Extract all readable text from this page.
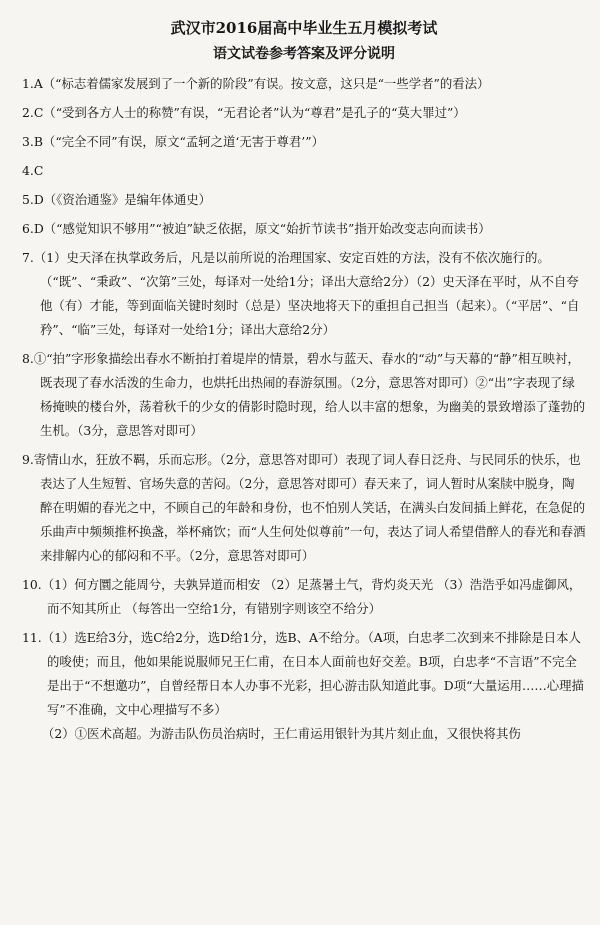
武汉市2016届高中毕业生五月模拟考试
语文试卷参考答案及评分说明

1.A（“标志着儒家发展到了一个新的阶段”有误。按文意，这只是“一些学者”的看法）

2.C（“受到各方人士的称赞”有误，“无君论者”认为“尊君”是孔子的“莫大罪过”）

3.B（“完全不同”有误，原文“孟轲之道‘无害于尊君’”）

4.C

5.D（《资治通鉴》是编年体通史）

6.D（“感觉知识不够用”“被迫”缺乏依据，原文“始折节读书”指开始改变志向而读书）

7.（1）史天泽在执掌政务后，凡是以前所说的治理国家、安定百姓的方法，没有不依次施行的。（“既”、“秉政”、“次第”三处，每译对一处给1分；译出大意给2分）（2）史天泽在平时，从不自夸他（有）才能，等到面临关键时刻时（总是）坚决地将天下的重担自己担当（起来）。（“平居”、“自矜”、“临”三处，每译对一处给1分；译出大意给2分）

8.①“拍”字形象描绘出春水不断拍打着堤岸的情景，碧水与蓝天、春水的“动”与天幕的“静”相互映衬，既表现了春水活泼的生命力，也烘托出热闹的春游氛围。（2分，意思答对即可）②“出”字表现了绿杨掩映的楼台外，荡着秋千的少女的倩影时隐时现，给人以丰富的想象，为幽美的景致增添了蓬勃的生机。（3分，意思答对即可）

9.寄情山水，狂放不羁，乐而忘形。（2分，意思答对即可）表现了词人春日泛舟、与民同乐的快乐，也表达了人生短暂、官场失意的苦闷。（2分，意思答对即可）春天来了，词人暂时从案牍中脱身，陶醉在明媚的春光之中，不顾自己的年龄和身份，也不怕别人笑话，在满头白发间插上鲜花，在急促的乐曲声中频频推杯换盏，举杯痛饮；而“人生何处似尊前”一句，表达了词人希望借醉人的春光和春酒来排解内心的郁闷和不平。（2分，意思答对即可）

10.（1）何方圜之能周兮，夫孰异道而相安 （2）足蒸暑土气，背灼炎天光 （3）浩浩乎如冯虚御风，而不知其所止 （每答出一空给1分，有错别字则该空不给分）

11.（1）选E给3分，选C给2分，选D给1分，选B、A不给分。（A项，白忠孝二次到来不排除是日本人的唆使；而且，他如果能说服师兄王仁甫，在日本人面前也好交差。B项，白忠孝“不言语”不完全是出于“不想邀功”，自曾经帮日本人办事不光彩，担心游击队知道此事。D项“大量运用……心理描写”不准确，文中心理描写不多）

（2）①医术高超。为游击队伤员治病时，王仁甫运用银针为其片刻止血，又很快将其伤
